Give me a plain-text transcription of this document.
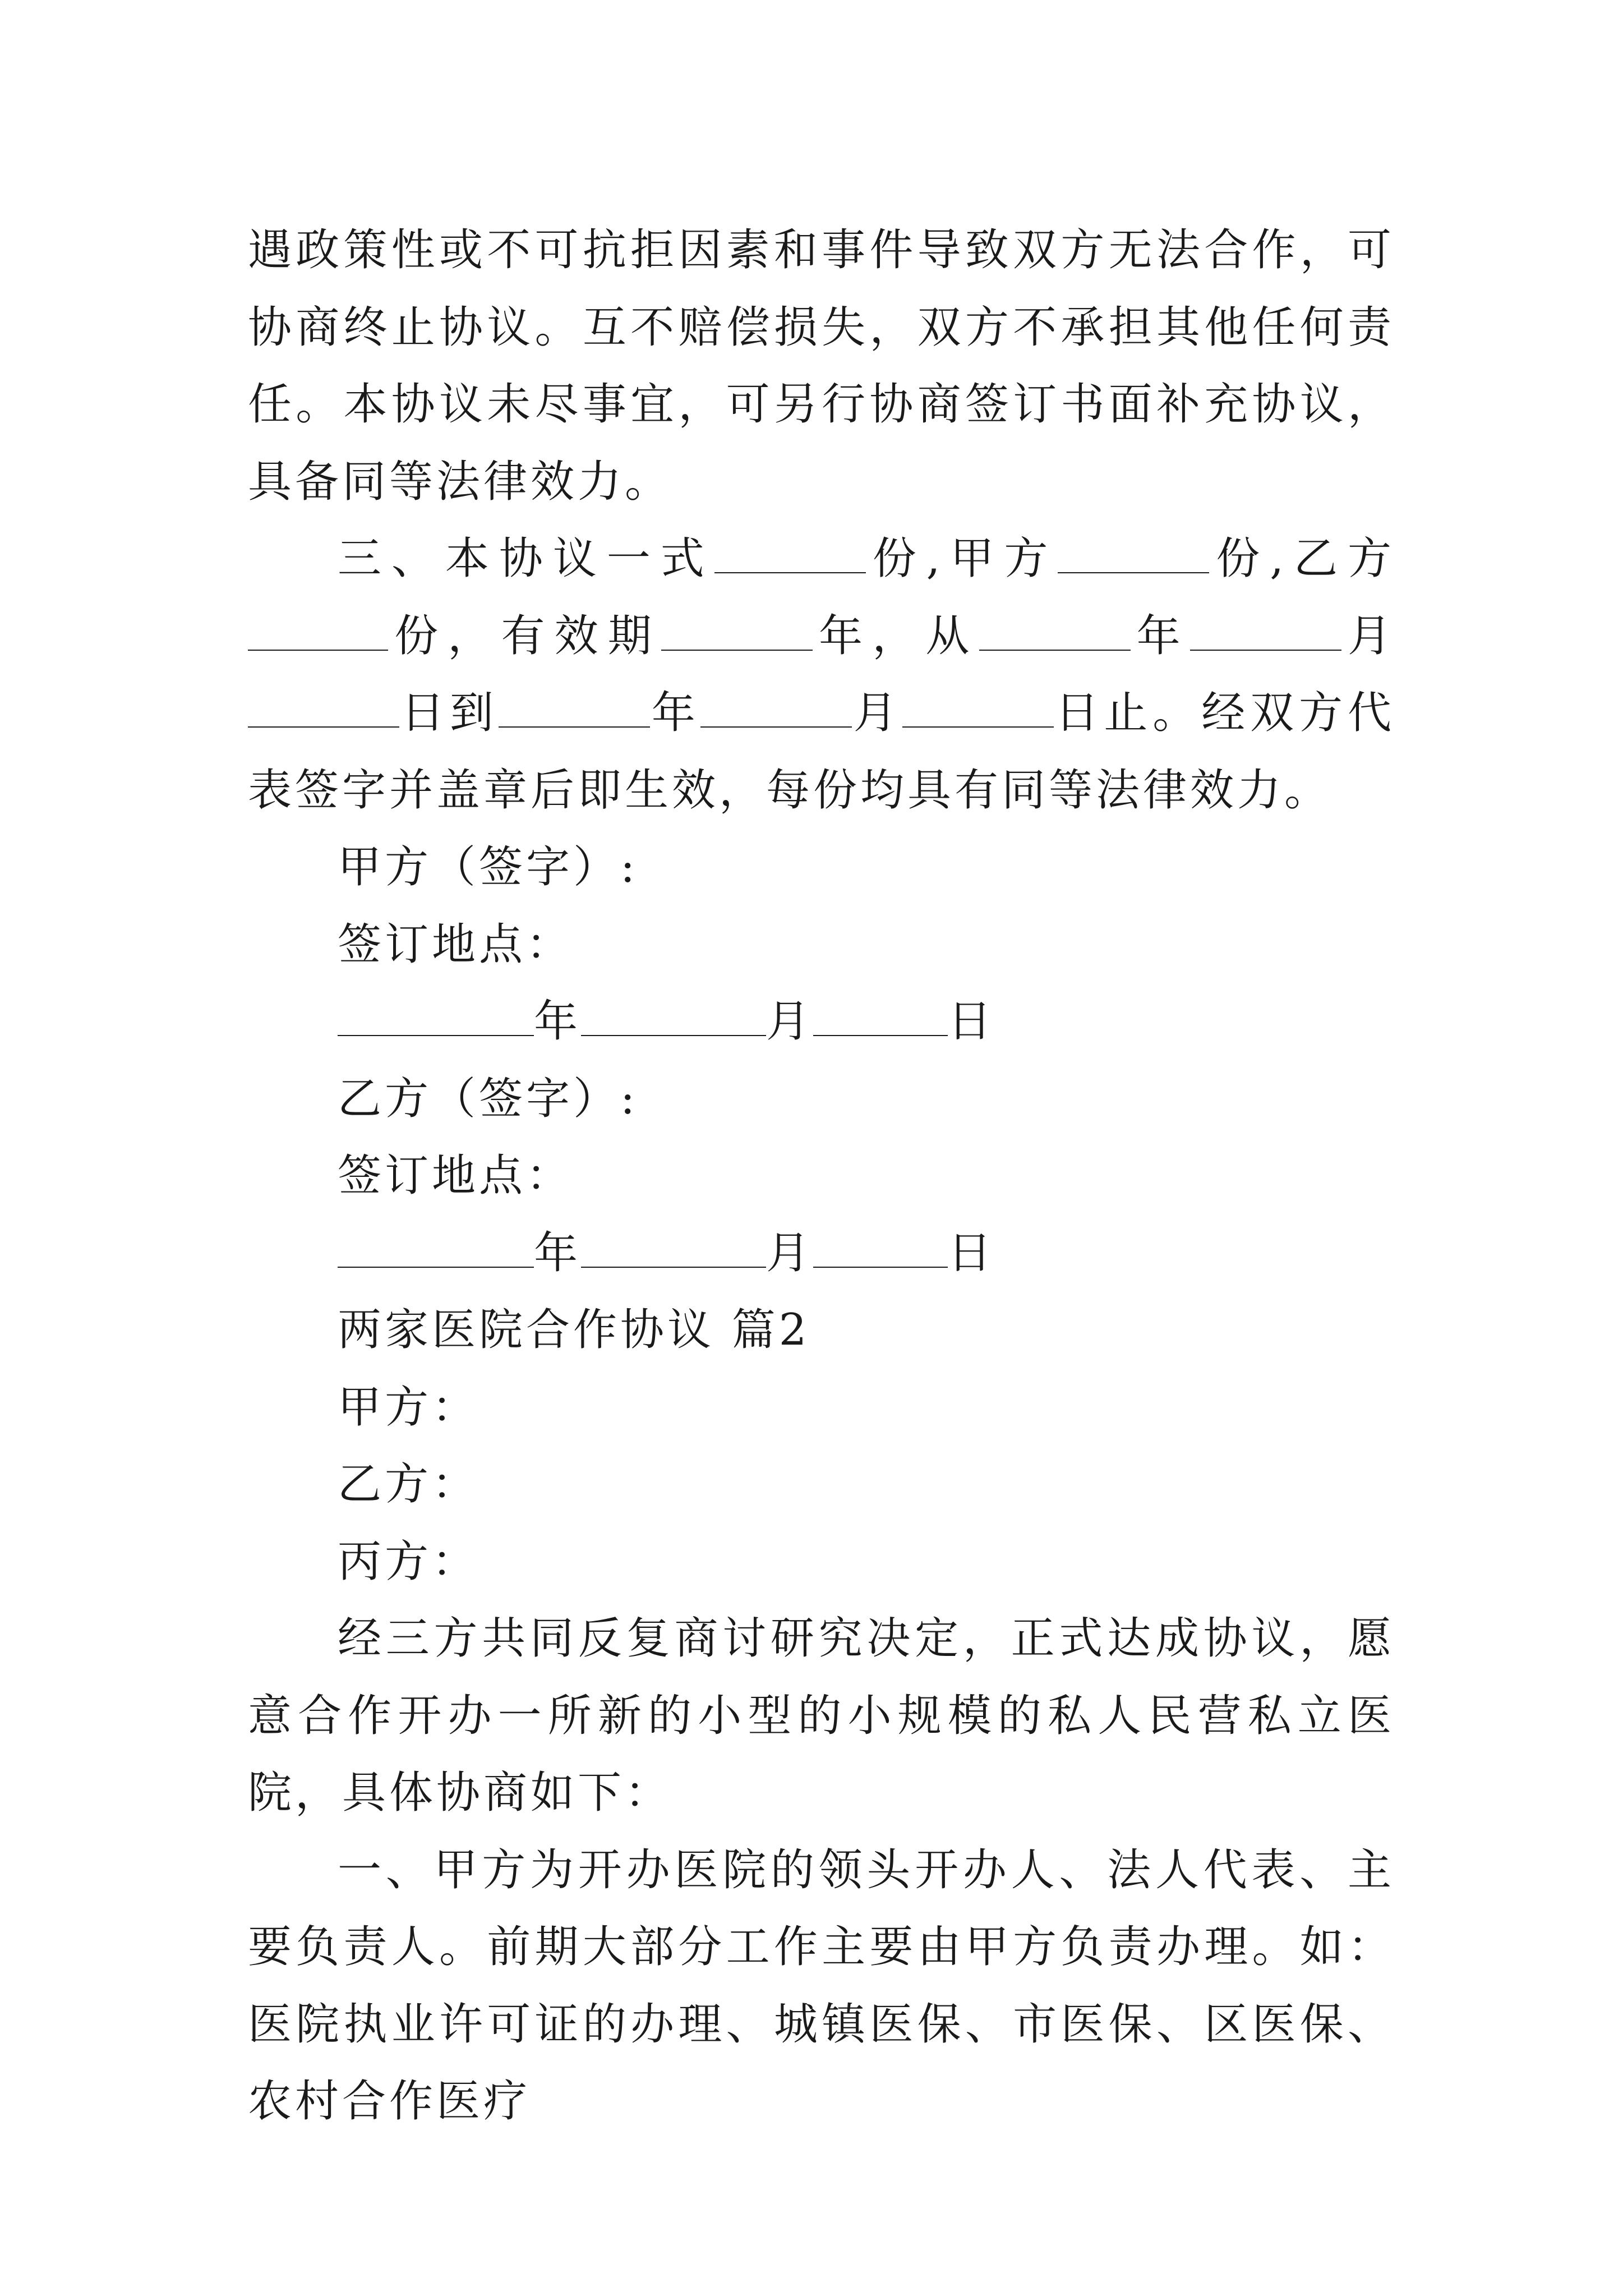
遇政策性或不可抗拒因素和事件导致双方无法合作，可协商终止协议。互不赔偿损失，双方不承担其他任何责任。本协议未尽事宜，可另行协商签订书面补充协议，具备同等法律效力。

三、本协议一式	份,甲方	份,乙方份，有效期	年，从	年	月日到	年	月	日止。经双方代表签字并盖章后即生效，每份均具有同等法律效力。

甲方（签字）:

签订地点：

年	月	日

乙方（签字）:

签订地点：

年	月	日

两家医院合作协议 篇2

甲方：

乙方：

丙方：

经三方共同反复商讨研究决定，正式达成协议，愿意合作开办一所新的小型的小规模的私人民营私立医院，具体协商如下：

一、甲方为开办医院的领头开办人、法人代表、主要负责人。前期大部分工作主要由甲方负责办理。如：医院执业许可证的办理、城镇医保、市医保、区医保、农村合作医疗
